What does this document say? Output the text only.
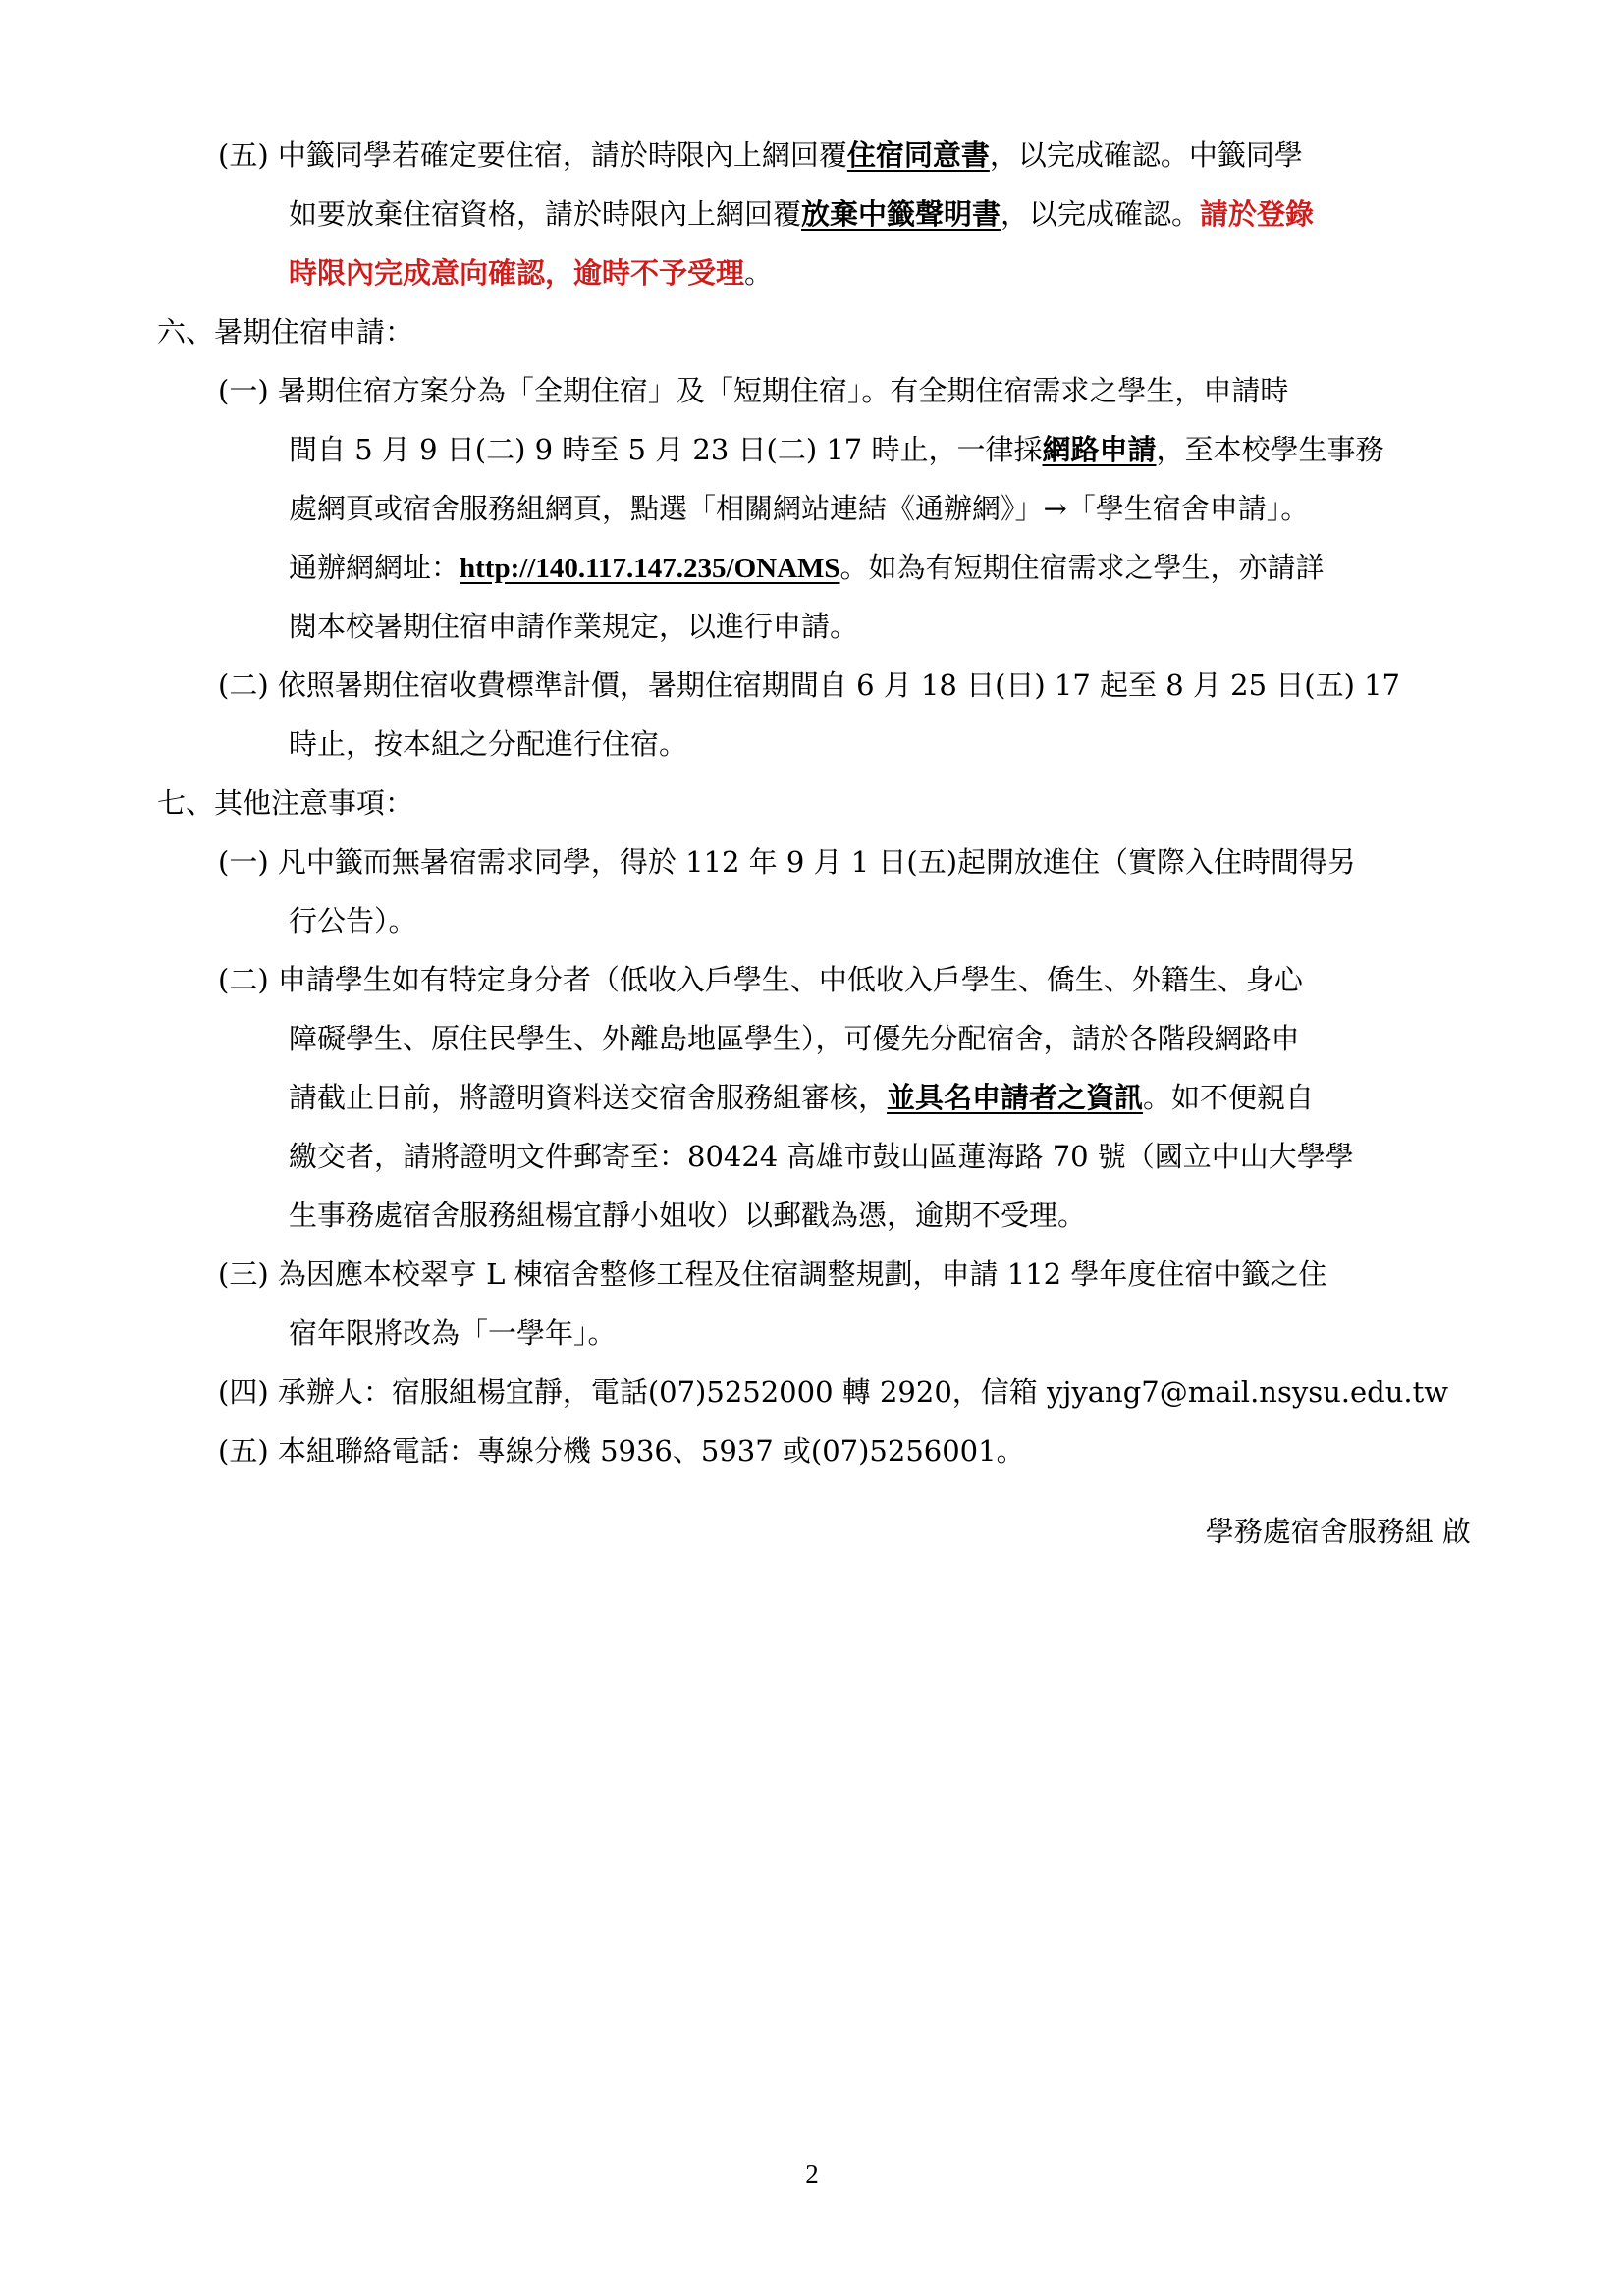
(五) 中籤同學若確定要住宿，請於時限內上網回覆住宿同意書，以完成確認。中籤同學
如要放棄住宿資格，請於時限內上網回覆放棄中籤聲明書，以完成確認。請於登錄
時限內完成意向確認，逾時不予受理。
六、暑期住宿申請：
(一) 暑期住宿方案分為「全期住宿」及「短期住宿」。有全期住宿需求之學生，申請時
間自 5 月 9 日(二) 9 時至 5 月 23 日(二) 17 時止，一律採網路申請，至本校學生事務
處網頁或宿舍服務組網頁，點選「相關網站連結《通辦網》」→「學生宿舍申請」。
通辦網網址：http://140.117.147.235/ONAMS。如為有短期住宿需求之學生，亦請詳
閱本校暑期住宿申請作業規定，以進行申請。
(二) 依照暑期住宿收費標準計價，暑期住宿期間自 6 月 18 日(日) 17 起至 8 月 25 日(五) 17
時止，按本組之分配進行住宿。
七、其他注意事項：
(一) 凡中籤而無暑宿需求同學，得於 112 年 9 月 1 日(五)起開放進住（實際入住時間得另
行公告）。
(二) 申請學生如有特定身分者（低收入戶學生、中低收入戶學生、僑生、外籍生、身心
障礙學生、原住民學生、外離島地區學生），可優先分配宿舍，請於各階段網路申
請截止日前，將證明資料送交宿舍服務組審核，並具名申請者之資訊。如不便親自
繳交者，請將證明文件郵寄至：80424 高雄市鼓山區蓮海路 70 號（國立中山大學學
生事務處宿舍服務組楊宜靜小姐收）以郵戳為憑，逾期不受理。
(三) 為因應本校翠亨 L 棟宿舍整修工程及住宿調整規劃，申請 112 學年度住宿中籤之住
宿年限將改為「一學年」。
(四) 承辦人：宿服組楊宜靜，電話(07)5252000 轉 2920，信箱 yjyang7@mail.nsysu.edu.tw
(五) 本組聯絡電話：專線分機 5936、5937 或(07)5256001。
學務處宿舍服務組 啟
2
